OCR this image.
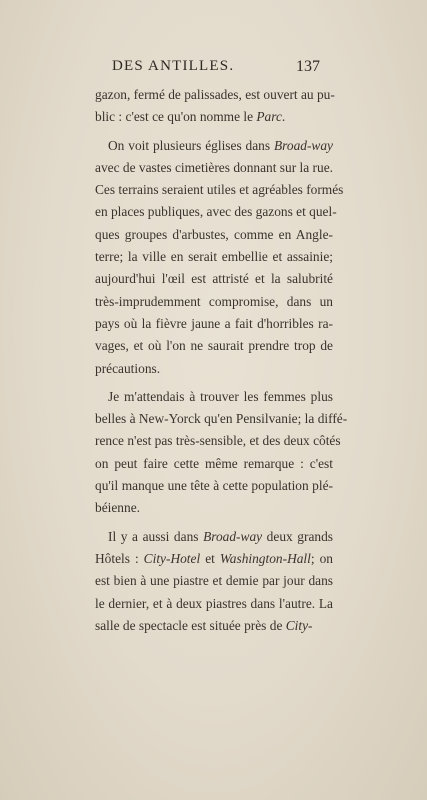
DES ANTILLES.	137
gazon, fermé de palissades, est ouvert au pu-
blic : c'est ce qu'on nomme le Parc.
On voit plusieurs églises dans Broad-way
avec de vastes cimetières donnant sur la rue.
Ces terrains seraient utiles et agréables formés
en places publiques, avec des gazons et quel-
ques groupes d'arbustes, comme en Angle-
terre; la ville en serait embellie et assainie;
aujourd'hui l'œil est attristé et la salubrité
très-imprudemment compromise, dans un
pays où la fièvre jaune a fait d'horribles ra-
vages, et où l'on ne saurait prendre trop de
précautions.
Je m'attendais à trouver les femmes plus
belles à New-Yorck qu'en Pensilvanie; la diffé-
rence n'est pas très-sensible, et des deux côtés
on peut faire cette même remarque : c'est
qu'il manque une tête à cette population plé-
béienne.
Il y a aussi dans Broad-way deux grands
Hôtels : City-Hotel et Washington-Hall; on
est bien à une piastre et demie par jour dans
le dernier, et à deux piastres dans l'autre. La
salle de spectacle est située près de City-
